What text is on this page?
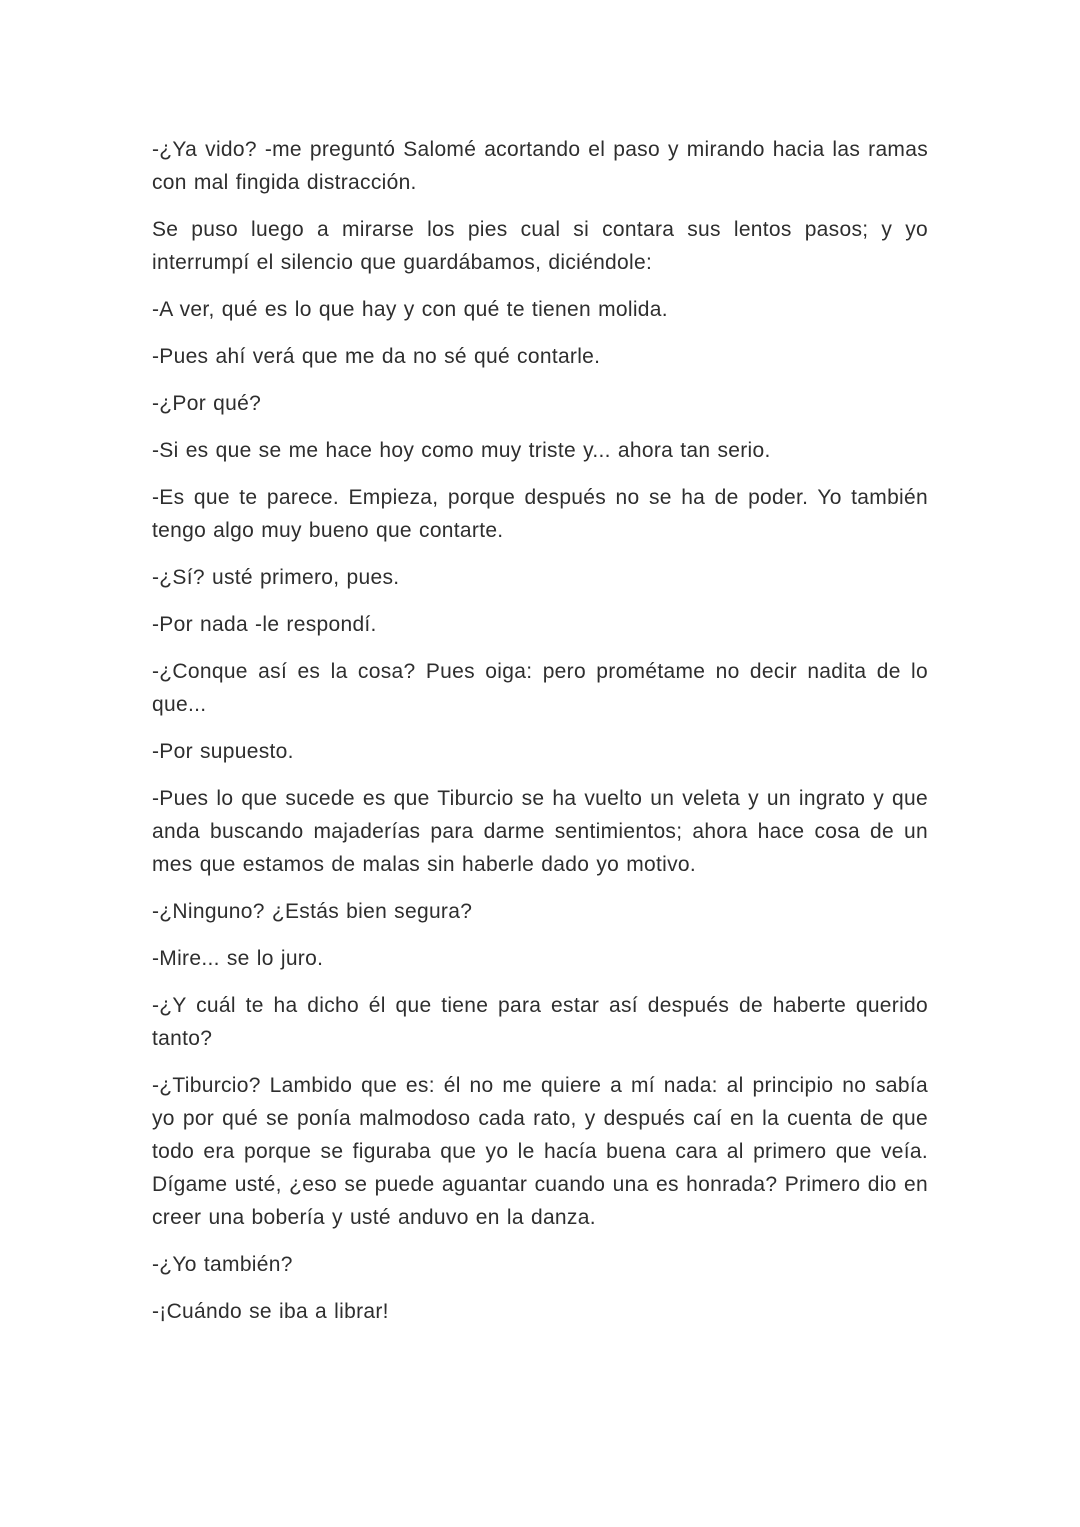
-¿Ya vido? -me preguntó Salomé acortando el paso y mirando hacia las ramas con mal fingida distracción.

Se puso luego a mirarse los pies cual si contara sus lentos pasos; y yo interrumpí el silencio que guardábamos, diciéndole:

-A ver, qué es lo que hay y con qué te tienen molida.

-Pues ahí verá que me da no sé qué contarle.

-¿Por qué?

-Si es que se me hace hoy como muy triste y... ahora tan serio.

-Es que te parece. Empieza, porque después no se ha de poder. Yo también tengo algo muy bueno que contarte.

-¿Sí? usté primero, pues.

-Por nada -le respondí.

-¿Conque así es la cosa? Pues oiga: pero prométame no decir nadita de lo que...

-Por supuesto.

-Pues lo que sucede es que Tiburcio se ha vuelto un veleta y un ingrato y que anda buscando majaderías para darme sentimientos; ahora hace cosa de un mes que estamos de malas sin haberle dado yo motivo.

-¿Ninguno? ¿Estás bien segura?

-Mire... se lo juro.

-¿Y cuál te ha dicho él que tiene para estar así después de haberte querido tanto?

-¿Tiburcio? Lambido que es: él no me quiere a mí nada: al principio no sabía yo por qué se ponía malmodoso cada rato, y después caí en la cuenta de que todo era porque se figuraba que yo le hacía buena cara al primero que veía. Dígame usté, ¿eso se puede aguantar cuando una es honrada? Primero dio en creer una bobería y usté anduvo en la danza.

-¿Yo también?

-¡Cuándo se iba a librar!
